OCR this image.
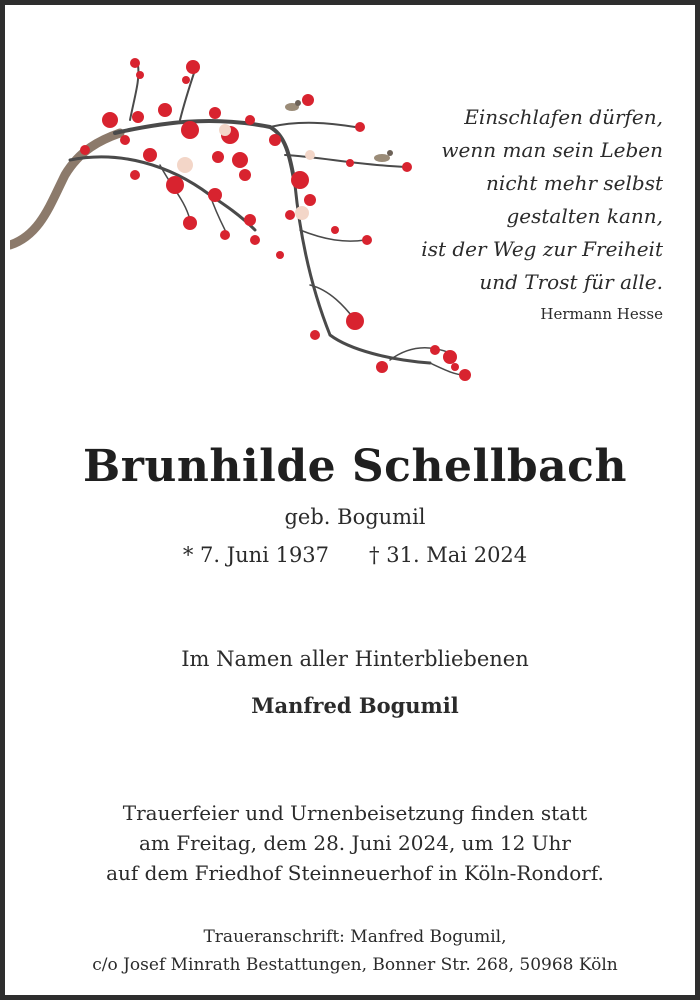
Einschlafen dürfen,
wenn man sein Leben
nicht mehr selbst
gestalten kann,
ist der Weg zur Freiheit
und Trost für alle.
Hermann Hesse
Brunhilde Schellbach
geb. Bogumil
* 7. Juni 1937 † 31. Mai 2024
Im Namen aller Hinterbliebenen
Manfred Bogumil
Trauerfeier und Urnenbeisetzung finden statt
am Freitag, dem 28. Juni 2024, um 12 Uhr
auf dem Friedhof Steinneuerhof in Köln-Rondorf.
Traueranschrift: Manfred Bogumil,
c/o Josef Minrath Bestattungen, Bonner Str. 268, 50968 Köln
